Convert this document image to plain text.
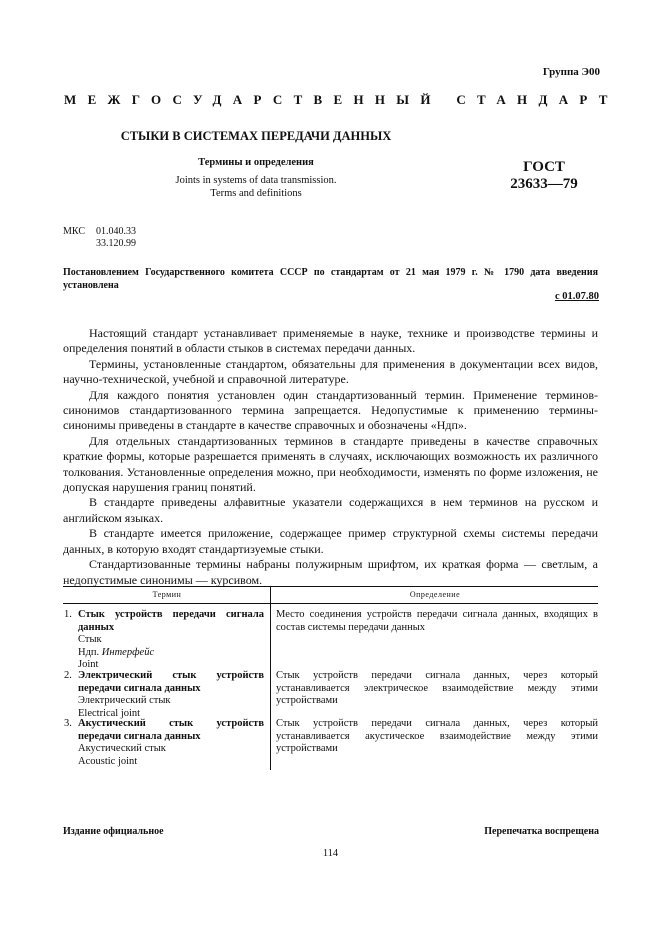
Группа Э00
МЕЖГОСУДАРСТВЕННЫЙ СТАНДАРТ
СТЫКИ В СИСТЕМАХ ПЕРЕДАЧИ ДАННЫХ
Термины и определения
Joints in systems of data transmission.
Terms and definitions
ГОСТ
23633—79
МКС 01.040.33
33.120.99
Постановлением Государственного комитета СССР по стандартам от 21 мая 1979 г. № 1790 дата введения установлена
с 01.07.80

Настоящий стандарт устанавливает применяемые в науке, технике и производстве термины и определения понятий в области стыков в системах передачи данных.

Термины, установленные стандартом, обязательны для применения в документации всех видов, научно-технической, учебной и справочной литературе.

Для каждого понятия установлен один стандартизованный термин. Применение терминов-синонимов стандартизованного термина запрещается. Недопустимые к применению термины-синонимы приведены в стандарте в качестве справочных и обозначены «Ндп».

Для отдельных стандартизованных терминов в стандарте приведены в качестве справочных краткие формы, которые разрешается применять в случаях, исключающих возможность их различного толкования. Установленные определения можно, при необходимости, изменять по форме изложения, не допуская нарушения границ понятий.

В стандарте приведены алфавитные указатели содержащихся в нем терминов на русском и английском языках.

В стандарте имеется приложение, содержащее пример структурной схемы системы передачи данных, в которую входят стандартизуемые стыки.

Стандартизованные термины набраны полужирным шрифтом, их краткая форма — светлым, а недопустимые синонимы — курсивом.

Термин	Определение
1. Стык устройств передачи сигнала данных
Стык
Ндп. Интерфейс
Joint
Место соединения устройств передачи сигнала данных, входящих в состав системы передачи данных
2. Электрический стык устройств передачи сигнала данных
Электрический стык
Electrical joint
Стык устройств передачи сигнала данных, через который устанавливается электрическое взаимодействие между этими устройствами
3. Акустический стык устройств передачи сигнала данных
Акустический стык
Acoustic joint
Стык устройств передачи сигнала данных, через который устанавливается акустическое взаимодействие между этими устройствами
Издание официальное	Перепечатка воспрещена
114
